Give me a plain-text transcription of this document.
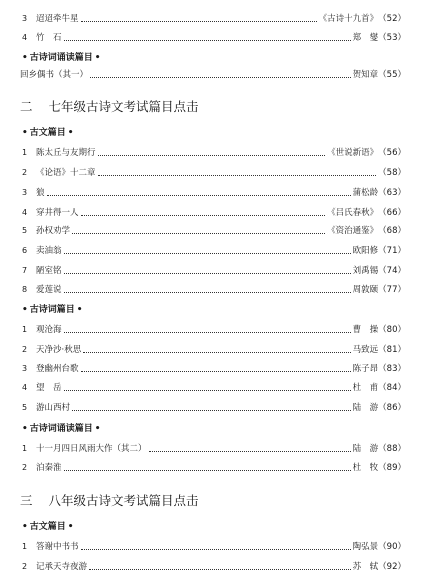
3	迢迢牵牛星	《古诗十九首》 （52）
4	竹　石	郑　燮 （53）
• 古诗词诵读篇目 •
回乡偶书（其一）	贺知章 （55）
二 七年级古诗文考试篇目点击
• 古文篇目 •
1	陈太丘与友期行	《世说新语》 （56）
2	《论语》十二章	（58）
3	狼	蒲松龄 （63）
4	穿井得一人	《吕氏春秋》 （66）
5	孙权劝学	《资治通鉴》 （68）
6	卖油翁	欧阳修 （71）
7	陋室铭	刘禹锡 （74）
8	爱莲说	周敦颐 （77）
• 古诗词篇目 •
1	观沧海	曹　操 （80）
2	天净沙·秋思	马致远 （81）
3	登幽州台歌	陈子昂 （83）
4	望　岳	杜　甫 （84）
5	游山西村	陆　游 （86）
• 古诗词诵读篇目 •
1	十一月四日风雨大作（其二）	陆　游 （88）
2	泊秦淮	杜　牧 （89）
三 八年级古诗文考试篇目点击
• 古文篇目 •
1	答谢中书书	陶弘景 （90）
2	记承天寺夜游	苏　轼 （92）
